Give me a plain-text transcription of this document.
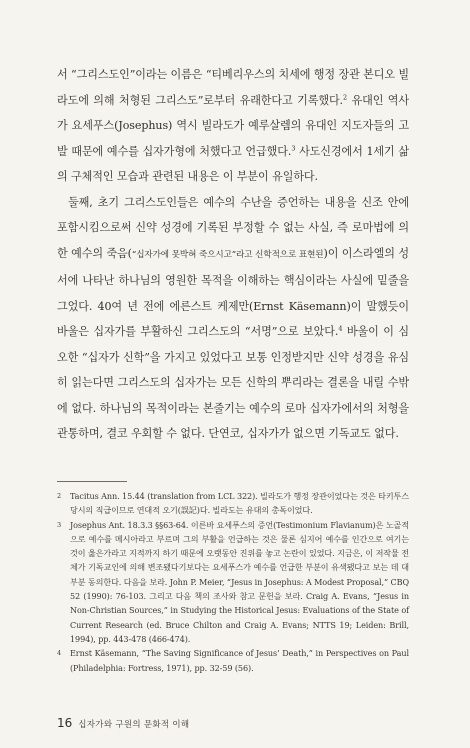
서 “그리스도인”이라는 이름은 “티베리우스의 치세에 행정 장관 본디오 빌라도에 의해 처형된 그리스도”로부터 유래한다고 기록했다.$^2$ 유대인 역사가 요세푸스(Josephus) 역시 빌라도가 예루살렘의 유대인 지도자들의 고발 때문에 예수를 십자가형에 처했다고 언급했다.$^3$ 사도신경에서 1세기 삶의 구체적인 모습과 관련된 내용은 이 부분이 유일하다.

둘째, 초기 그리스도인들은 예수의 수난을 증언하는 내용을 신조 안에 포함시킴으로써 신약 성경에 기록된 부정할 수 없는 사실, 즉 로마법에 의한 예수의 죽음(“십자가에 못박혀 죽으시고”라고 신학적으로 표현된)이 이스라엘의 성서에 나타난 하나님의 영원한 목적을 이해하는 핵심이라는 사실에 밑줄을 그었다. 40여 년 전에 에른스트 케제만(Ernst Käsemann)이 말했듯이 바울은 십자가를 부활하신 그리스도의 “서명”으로 보았다.$^4$ 바울이 이 심오한 “십자가 신학”을 가지고 있었다고 보통 인정받지만 신약 성경을 유심히 읽는다면 그리스도의 십자가는 모든 신학의 뿌리라는 결론을 내릴 수밖에 없다. 하나님의 목적이라는 본줄기는 예수의 로마 십자가에서의 처형을 관통하며, 결코 우회할 수 없다. 단연코, 십자가가 없으면 기독교도 없다.

2 Tacitus Ann. 15.44 (translation from LCL 322). 빌라도가 행정 장관이었다는 것은 타키투스 당시의 직급이므로 연대적 오기(誤記)다. 빌라도는 유대의 총독이었다.
3 Josephus Ant. 18.3.3 §§63-64. 이른바 요세푸스의 증언(Testimonium Flavianum)은 노골적으로 예수를 메시아라고 부르며 그의 부활을 언급하는 것은 물론 심지어 예수를 인간으로 여기는 것이 옳은가라고 지적까지 하기 때문에 오랫동안 진위를 놓고 논란이 있었다. 지금은, 이 저작물 전체가 기독교인에 의해 변조됐다기보다는 요세푸스가 예수를 언급한 부분이 유색됐다고 보는 데 대부분 동의한다. 다음을 보라. John P. Meier, “Jesus in Josephus: A Modest Proposal,” CBQ 52 (1990): 76-103. 그리고 다음 책의 조사와 참고 문헌을 보라. Craig A. Evans, “Jesus in Non-Christian Sources,” in Studying the Historical Jesus: Evaluations of the State of Current Research (ed. Bruce Chilton and Craig A. Evans; NTTS 19; Leiden: Brill, 1994), pp. 443-478 (466-474).
4 Ernst Käsemann, “The Saving Significance of Jesus’ Death,” in Perspectives on Paul (Philadelphia: Fortress, 1971), pp. 32-59 (56).
16 십자가와 구원의 문화적 이해
